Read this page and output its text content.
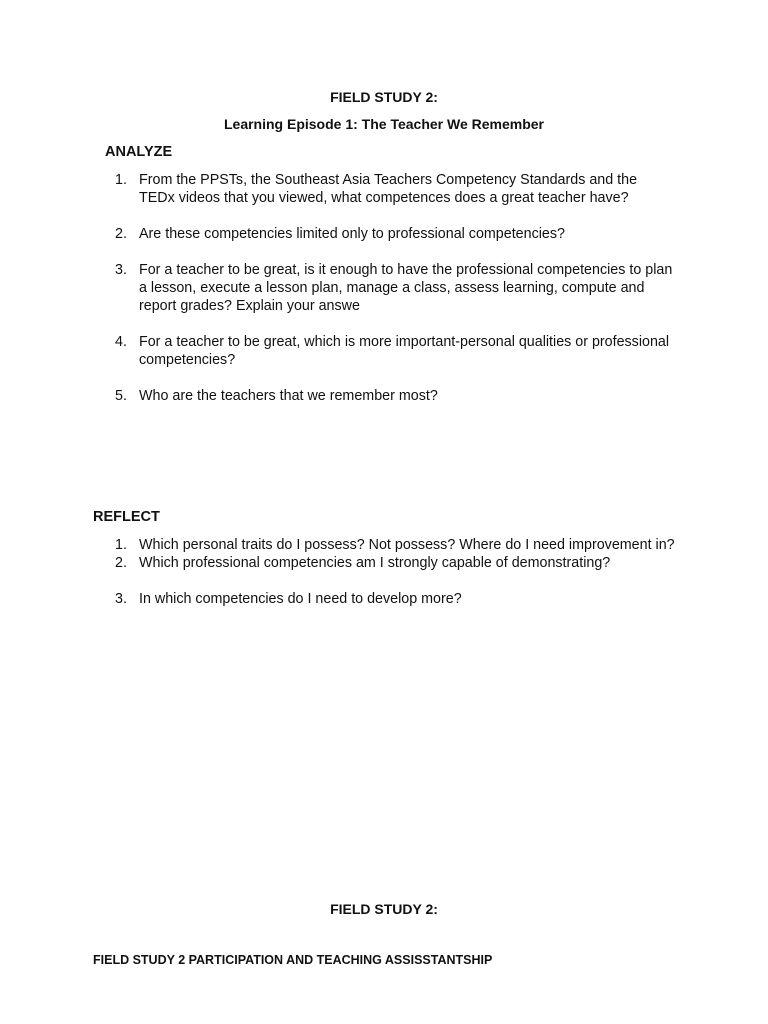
FIELD STUDY 2:
Learning Episode 1: The Teacher We Remember
ANALYZE
1. From the PPSTs, the Southeast Asia Teachers Competency Standards and the TEDx videos that you viewed, what competences does a great teacher have?
2. Are these competencies limited only to professional competencies?
3. For a teacher to be great, is it enough to have the professional competencies to plan a lesson, execute a lesson plan, manage a class, assess learning, compute and report grades? Explain your answe
4. For a teacher to be great, which is more important-personal qualities or professional competencies?
5. Who are the teachers that we remember most?
REFLECT
1. Which personal traits do I possess? Not possess? Where do I need improvement in?
2. Which professional competencies am I strongly capable of demonstrating?
3. In which competencies do I need to develop more?
FIELD STUDY 2:
FIELD STUDY 2 PARTICIPATION AND TEACHING ASSISSTANTSHIP
